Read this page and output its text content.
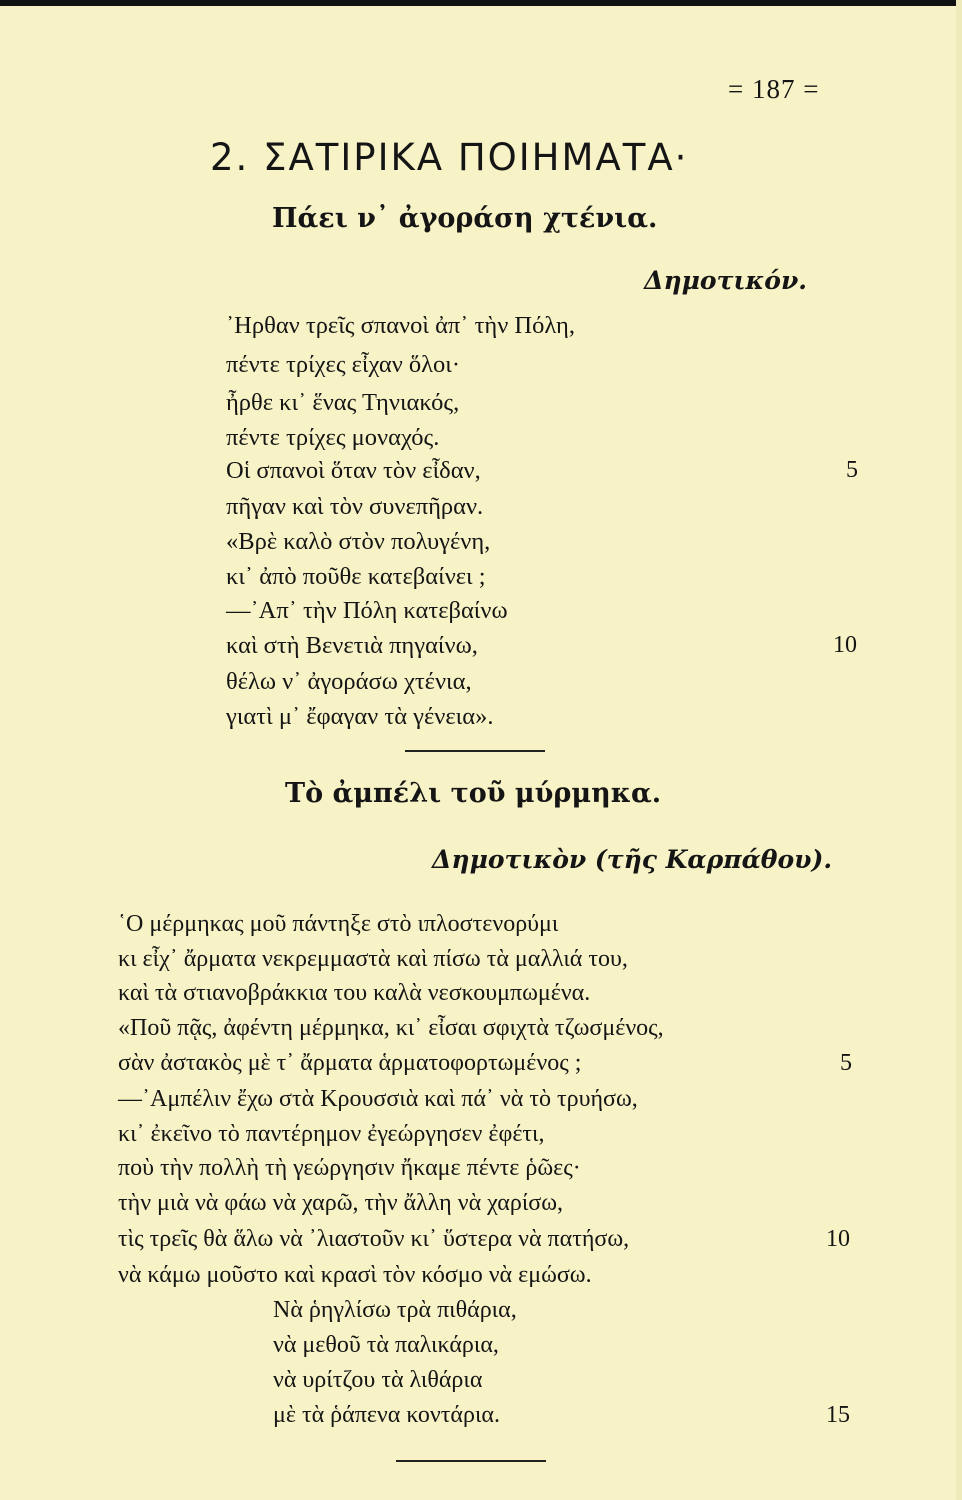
= 187 =
2. ΣΑΤΙΡΙΚΑ ΠΟΙΗΜΑΤΑ·
Πάει ν᾿ ἀγοράση χτένια.
Δημοτικόν.
᾿Ηρθαν τρεῖς σπανοὶ ἀπ᾿ τὴν Πόλη,
πέντε τρίχες εἶχαν ὅλοι·
ἦρθε κι᾿ ἕνας Τηνιακός,
πέντε τρίχες μοναχός.
Οἱ σπανοὶ ὅταν τὸν εἶδαν,
πῆγαν καὶ τὸν συνεπῆραν.
«Βρὲ καλὸ στὸν πολυγένη,
κι᾿ ἀπὸ ποῦθε κατεβαίνει ;
—᾿Απ᾿ τὴν Πόλη κατεβαίνω
καὶ στὴ Βενετιὰ πηγαίνω,
θέλω ν᾿ ἀγοράσω χτένια,
γιατὶ μ᾿ ἔφαγαν τὰ γένεια».
5
10
Τὸ ἀμπέλι τοῦ μύρμηκα.
Δημοτικὸν (τῆς Καρπάθου).
῾Ο μέρμηκας μοῦ πάντηξε στὸ ιπλοστενορύμι
κι εἶχ᾿ ἄρματα νεκρεμμαστὰ καὶ πίσω τὰ μαλλιά του,
καὶ τὰ στιανοβράκκια του καλὰ νεσκουμπωμένα.
«Ποῦ πᾷς, ἀφέντη μέρμηκα, κι᾿ εἶσαι σφιχτὰ τζωσμένος,
σὰν ἀστακὸς μὲ τ᾿ ἄρματα ἁρματοφορτωμένος ;
—᾿Αμπέλιν ἔχω στὰ Κρουσσιὰ καὶ πά᾿ νὰ τὸ τρυήσω,
κι᾿ ἐκεῖνο τὸ παντέρημον ἐγεώργησεν ἐφέτι,
ποὺ τὴν πολλὴ τὴ γεώργησιν ἤκαμε πέντε ῥῶες·
τὴν μιὰ νὰ φάω νὰ χαρῶ, τὴν ἄλλη νὰ χαρίσω,
τὶς τρεῖς θὰ ἅλω νὰ ᾿λιαστοῦν κι᾿ ὕστερα νὰ πατήσω,
νὰ κάμω μοῦστο καὶ κρασὶ τὸν κόσμο νὰ εμώσω.
Νὰ ῥηγλίσω τρὰ πιθάρια,
νὰ μεθοῦ τὰ παλικάρια,
νὰ υρίτζου τὰ λιθάρια
μὲ τὰ ῥάπενα κοντάρια.
5
10
15
